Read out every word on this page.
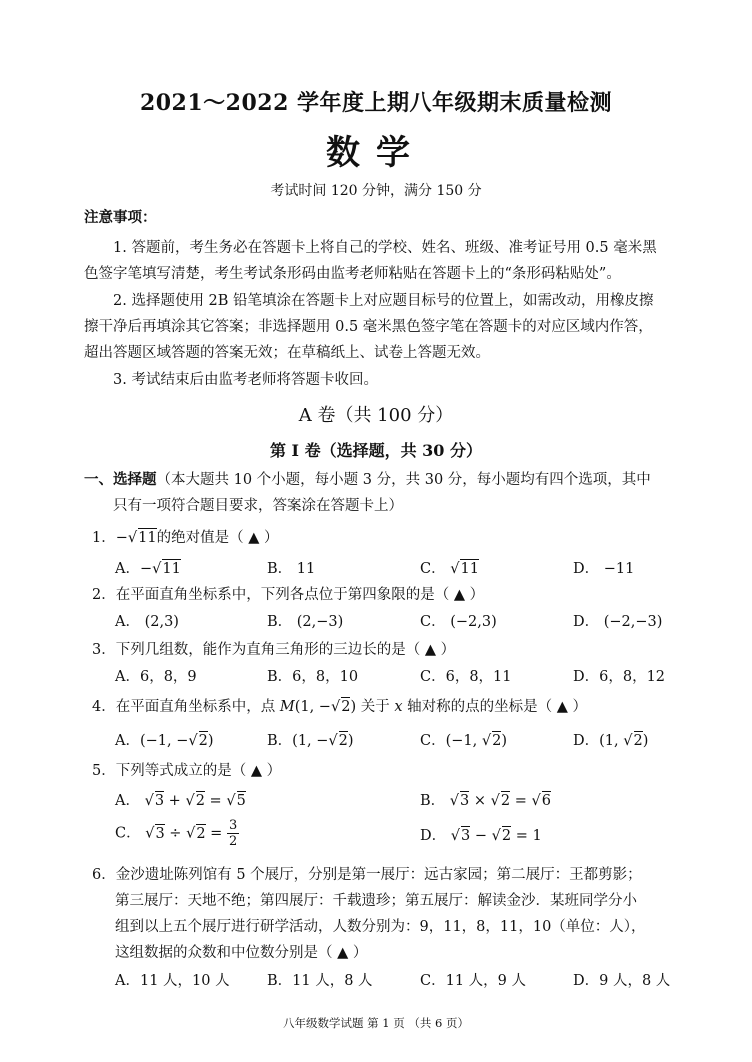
2021～2022 学年度上期八年级期末质量检测
数学
考试时间 120 分钟，满分 150 分
注意事项：
1. 答题前，考生务必在答题卡上将自己的学校、姓名、班级、准考证号用 0.5 毫米黑
色签字笔填写清楚，考生考试条形码由监考老师粘贴在答题卡上的“条形码粘贴处”。
2. 选择题使用 2B 铅笔填涂在答题卡上对应题目标号的位置上，如需改动，用橡皮擦
擦干净后再填涂其它答案；非选择题用 0.5 毫米黑色签字笔在答题卡的对应区域内作答，
超出答题区域答题的答案无效；在草稿纸上、试卷上答题无效。
3. 考试结束后由监考老师将答题卡收回。
A 卷（共 100 分）
第 I 卷（选择题，共 30 分）
一、选择题（本大题共 10 个小题，每小题 3 分，共 30 分，每小题均有四个选项，其中
只有一项符合题目要求，答案涂在答题卡上）
1．−√11的绝对值是（ ▲ ）
A．−√11	B． 11	C． √11	D． −11
2．在平面直角坐标系中，下列各点位于第四象限的是（ ▲ ）
A． (2,3)	B． (2,−3)	C． (−2,3)	D． (−2,−3)
3．下列几组数，能作为直角三角形的三边长的是（ ▲ ）
A．6，8，9	B．6，8，10	C．6，8，11	D．6，8，12
4．在平面直角坐标系中，点 M(1, −√2) 关于 x 轴对称的点的坐标是（ ▲ ）
A．(−1, −√2)	B．(1, −√2)	C．(−1, √2)	D．(1, √2)
5．下列等式成立的是（ ▲ ）
A． √3 + √2 = √5	B． √3 × √2 = √6
C． $√3 \div √2 = \frac{3}{2}$	D． √3 − √2 = 1
6．金沙遗址陈列馆有 5 个展厅，分别是第一展厅：远古家园；第二展厅：王都剪影；
第三展厅：天地不绝；第四展厅：千载遗珍；第五展厅：解读金沙．某班同学分小
组到以上五个展厅进行研学活动，人数分别为：9，11，8，11，10（单位：人），
这组数据的众数和中位数分别是（ ▲ ）
A．11 人，10 人	B．11 人，8 人	C．11 人，9 人	D．9 人，8 人
八年级数学试题 第 1 页 （共 6 页）
